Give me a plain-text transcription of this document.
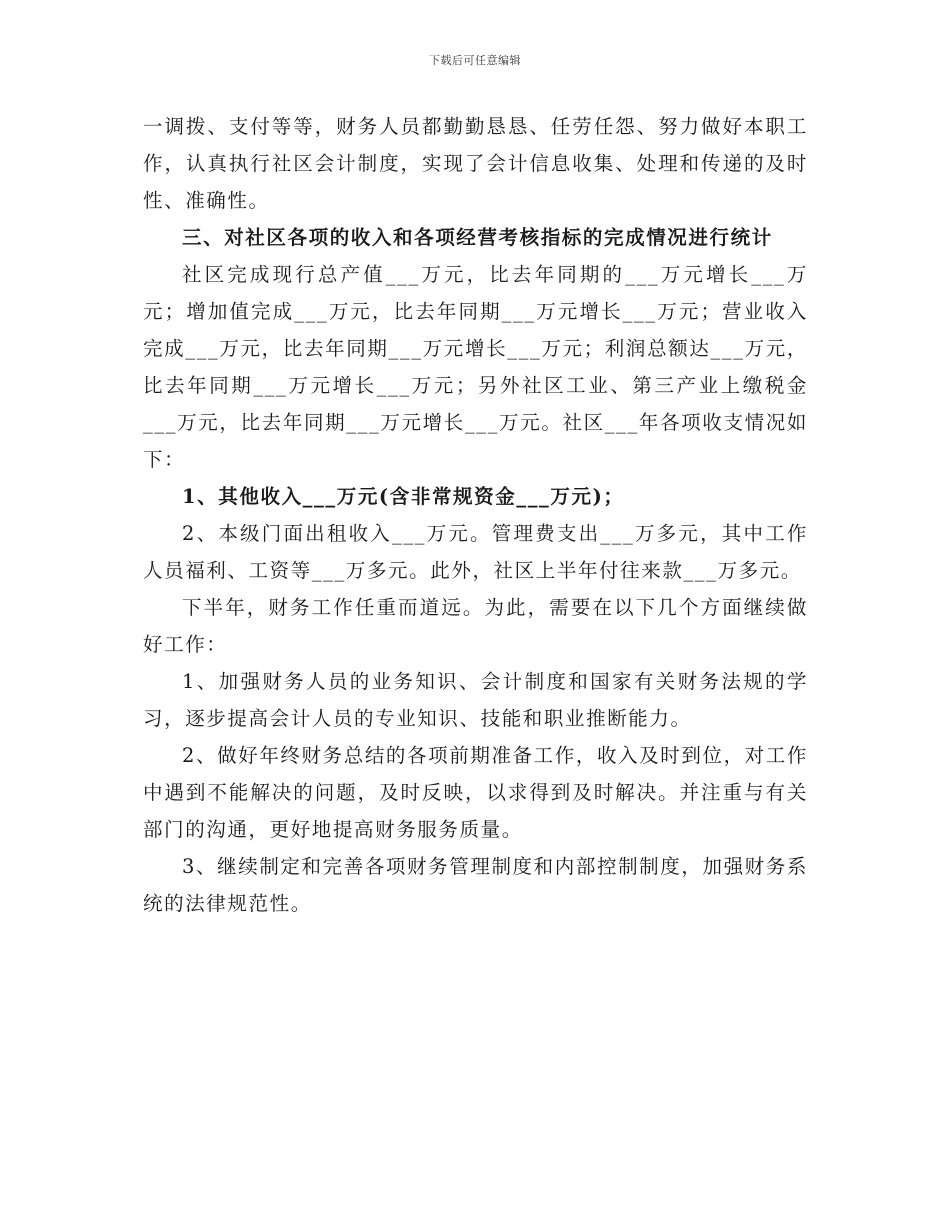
下载后可任意编辑

一调拨、支付等等，财务人员都勤勤恳恳、任劳任怨、努力做好本职工作，认真执行社区会计制度，实现了会计信息收集、处理和传递的及时性、准确性。

三、对社区各项的收入和各项经营考核指标的完成情况进行统计

社区完成现行总产值___万元，比去年同期的___万元增长___万元；增加值完成___万元，比去年同期___万元增长___万元；营业收入完成___万元，比去年同期___万元增长___万元；利润总额达___万元，比去年同期___万元增长___万元；另外社区工业、第三产业上缴税金___万元，比去年同期___万元增长___万元。社区___年各项收支情况如下：

1、其他收入___万元(含非常规资金___万元)；

2、本级门面出租收入___万元。管理费支出___万多元，其中工作人员福利、工资等___万多元。此外，社区上半年付往来款___万多元。

下半年，财务工作任重而道远。为此，需要在以下几个方面继续做好工作：

1、加强财务人员的业务知识、会计制度和国家有关财务法规的学习，逐步提高会计人员的专业知识、技能和职业推断能力。

2、做好年终财务总结的各项前期准备工作，收入及时到位，对工作中遇到不能解决的问题，及时反映，以求得到及时解决。并注重与有关部门的沟通，更好地提高财务服务质量。

3、继续制定和完善各项财务管理制度和内部控制制度，加强财务系统的法律规范性。
